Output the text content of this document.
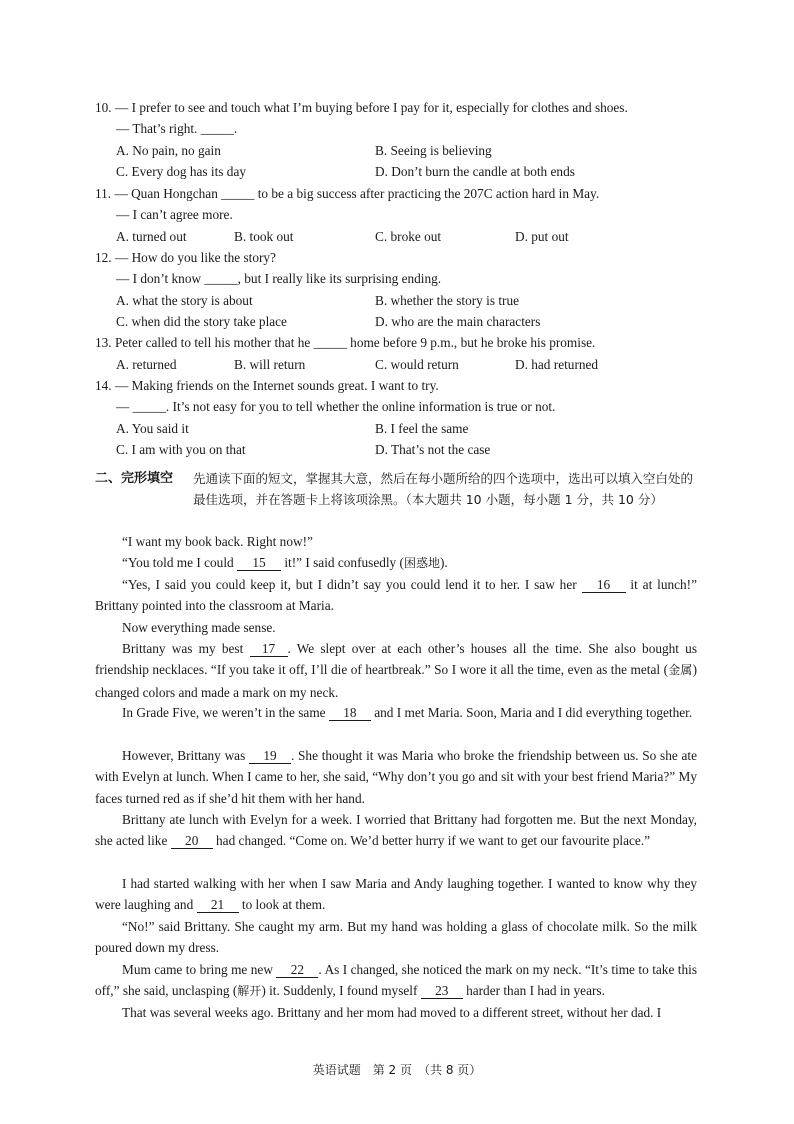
10. — I prefer to see and touch what I’m buying before I pay for it, especially for clothes and shoes.
— That’s right. _____.
A. No pain, no gain	B. Seeing is believing
C. Every dog has its day	D. Don’t burn the candle at both ends
11. — Quan Hongchan _____ to be a big success after practicing the 207C action hard in May.
— I can’t agree more.
A. turned out	B. took out	C. broke out	D. put out
12. — How do you like the story?
— I don’t know _____, but I really like its surprising ending.
A. what the story is about	B. whether the story is true
C. when did the story take place	D. who are the main characters
13. Peter called to tell his mother that he _____ home before 9 p.m., but he broke his promise.
A. returned	B. will return	C. would return	D. had returned
14. — Making friends on the Internet sounds great. I want to try.
— _____. It’s not easy for you to tell whether the online information is true or not.
A. You said it	B. I feel the same
C. I am with you on that	D. That’s not the case
二、完形填空 先通读下面的短文，掌握其大意，然后在每小题所给的四个选项中，选出可以填入空白处的最佳选项，并在答题卡上将该项涂黑。（本大题共 10 小题，每小题 1 分，共 10 分）
“I want my book back. Right now!”
“You told me I could 15 it!” I said confusedly (困惑地).
“Yes, I said you could keep it, but I didn’t say you could lend it to her. I saw her 16 it at lunch!” Brittany pointed into the classroom at Maria.
Now everything made sense.
Brittany was my best 17 . We slept over at each other’s houses all the time. She also bought us friendship necklaces. “If you take it off, I’ll die of heartbreak.” So I wore it all the time, even as the metal (金属) changed colors and made a mark on my neck.
In Grade Five, we weren’t in the same 18 and I met Maria. Soon, Maria and I did everything together.
However, Brittany was 19 . She thought it was Maria who broke the friendship between us. So she ate with Evelyn at lunch. When I came to her, she said, “Why don’t you go and sit with your best friend Maria?” My faces turned red as if she’d hit them with her hand.
Brittany ate lunch with Evelyn for a week. I worried that Brittany had forgotten me. But the next Monday, she acted like 20 had changed. “Come on. We’d better hurry if we want to get our favourite place.”
I had started walking with her when I saw Maria and Andy laughing together. I wanted to know why they were laughing and 21 to look at them.
“No!” said Brittany. She caught my arm. But my hand was holding a glass of chocolate milk. So the milk poured down my dress.
Mum came to bring me new 22 . As I changed, she noticed the mark on my neck. “It’s time to take this off,” she said, unclasping (解开) it. Suddenly, I found myself 23 harder than I had in years.
That was several weeks ago. Brittany and her mom had moved to a different street, without her dad. I
英语试题　第 2 页　（共 8 页）
